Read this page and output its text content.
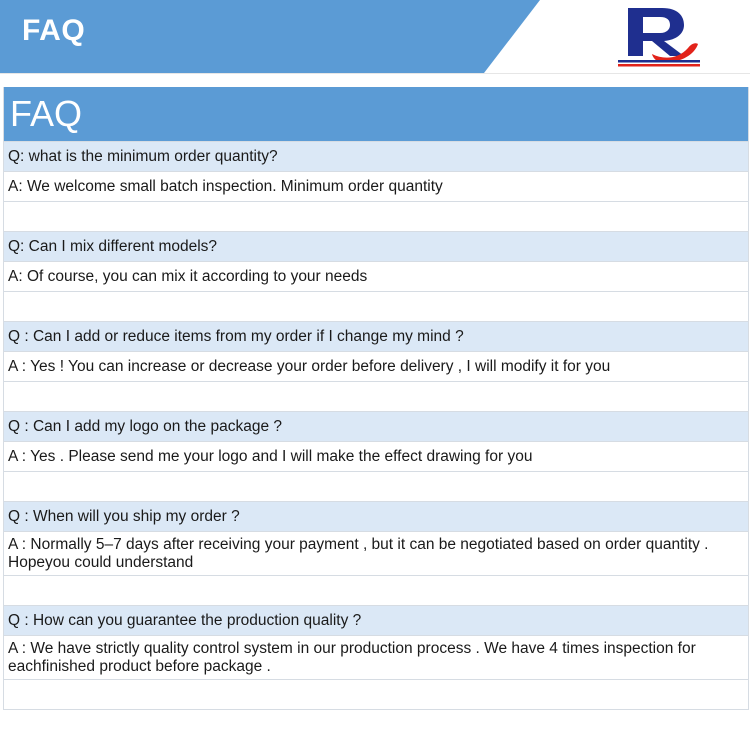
FAQ
FAQ
Q: what is the minimum order quantity?
A: We welcome small batch inspection. Minimum order quantity
Q: Can I mix different models?
A: Of course, you can mix it according to your needs
Q : Can I add or reduce items from my order if I change my mind ?
A : Yes ! You can increase or decrease your order before delivery , I will modify it for you
Q : Can I add my logo on the package ?
A : Yes . Please send me your logo and I will make the effect drawing for you
Q : When will you ship my order ?
A : Normally 5–7 days after receiving your payment , but it can be negotiated based on order quantity .
Hopeyou could understand
Q : How can you guarantee the production quality ?
A : We have strictly quality control system in our production process . We have 4 times inspection for
eachfinished product before package .
